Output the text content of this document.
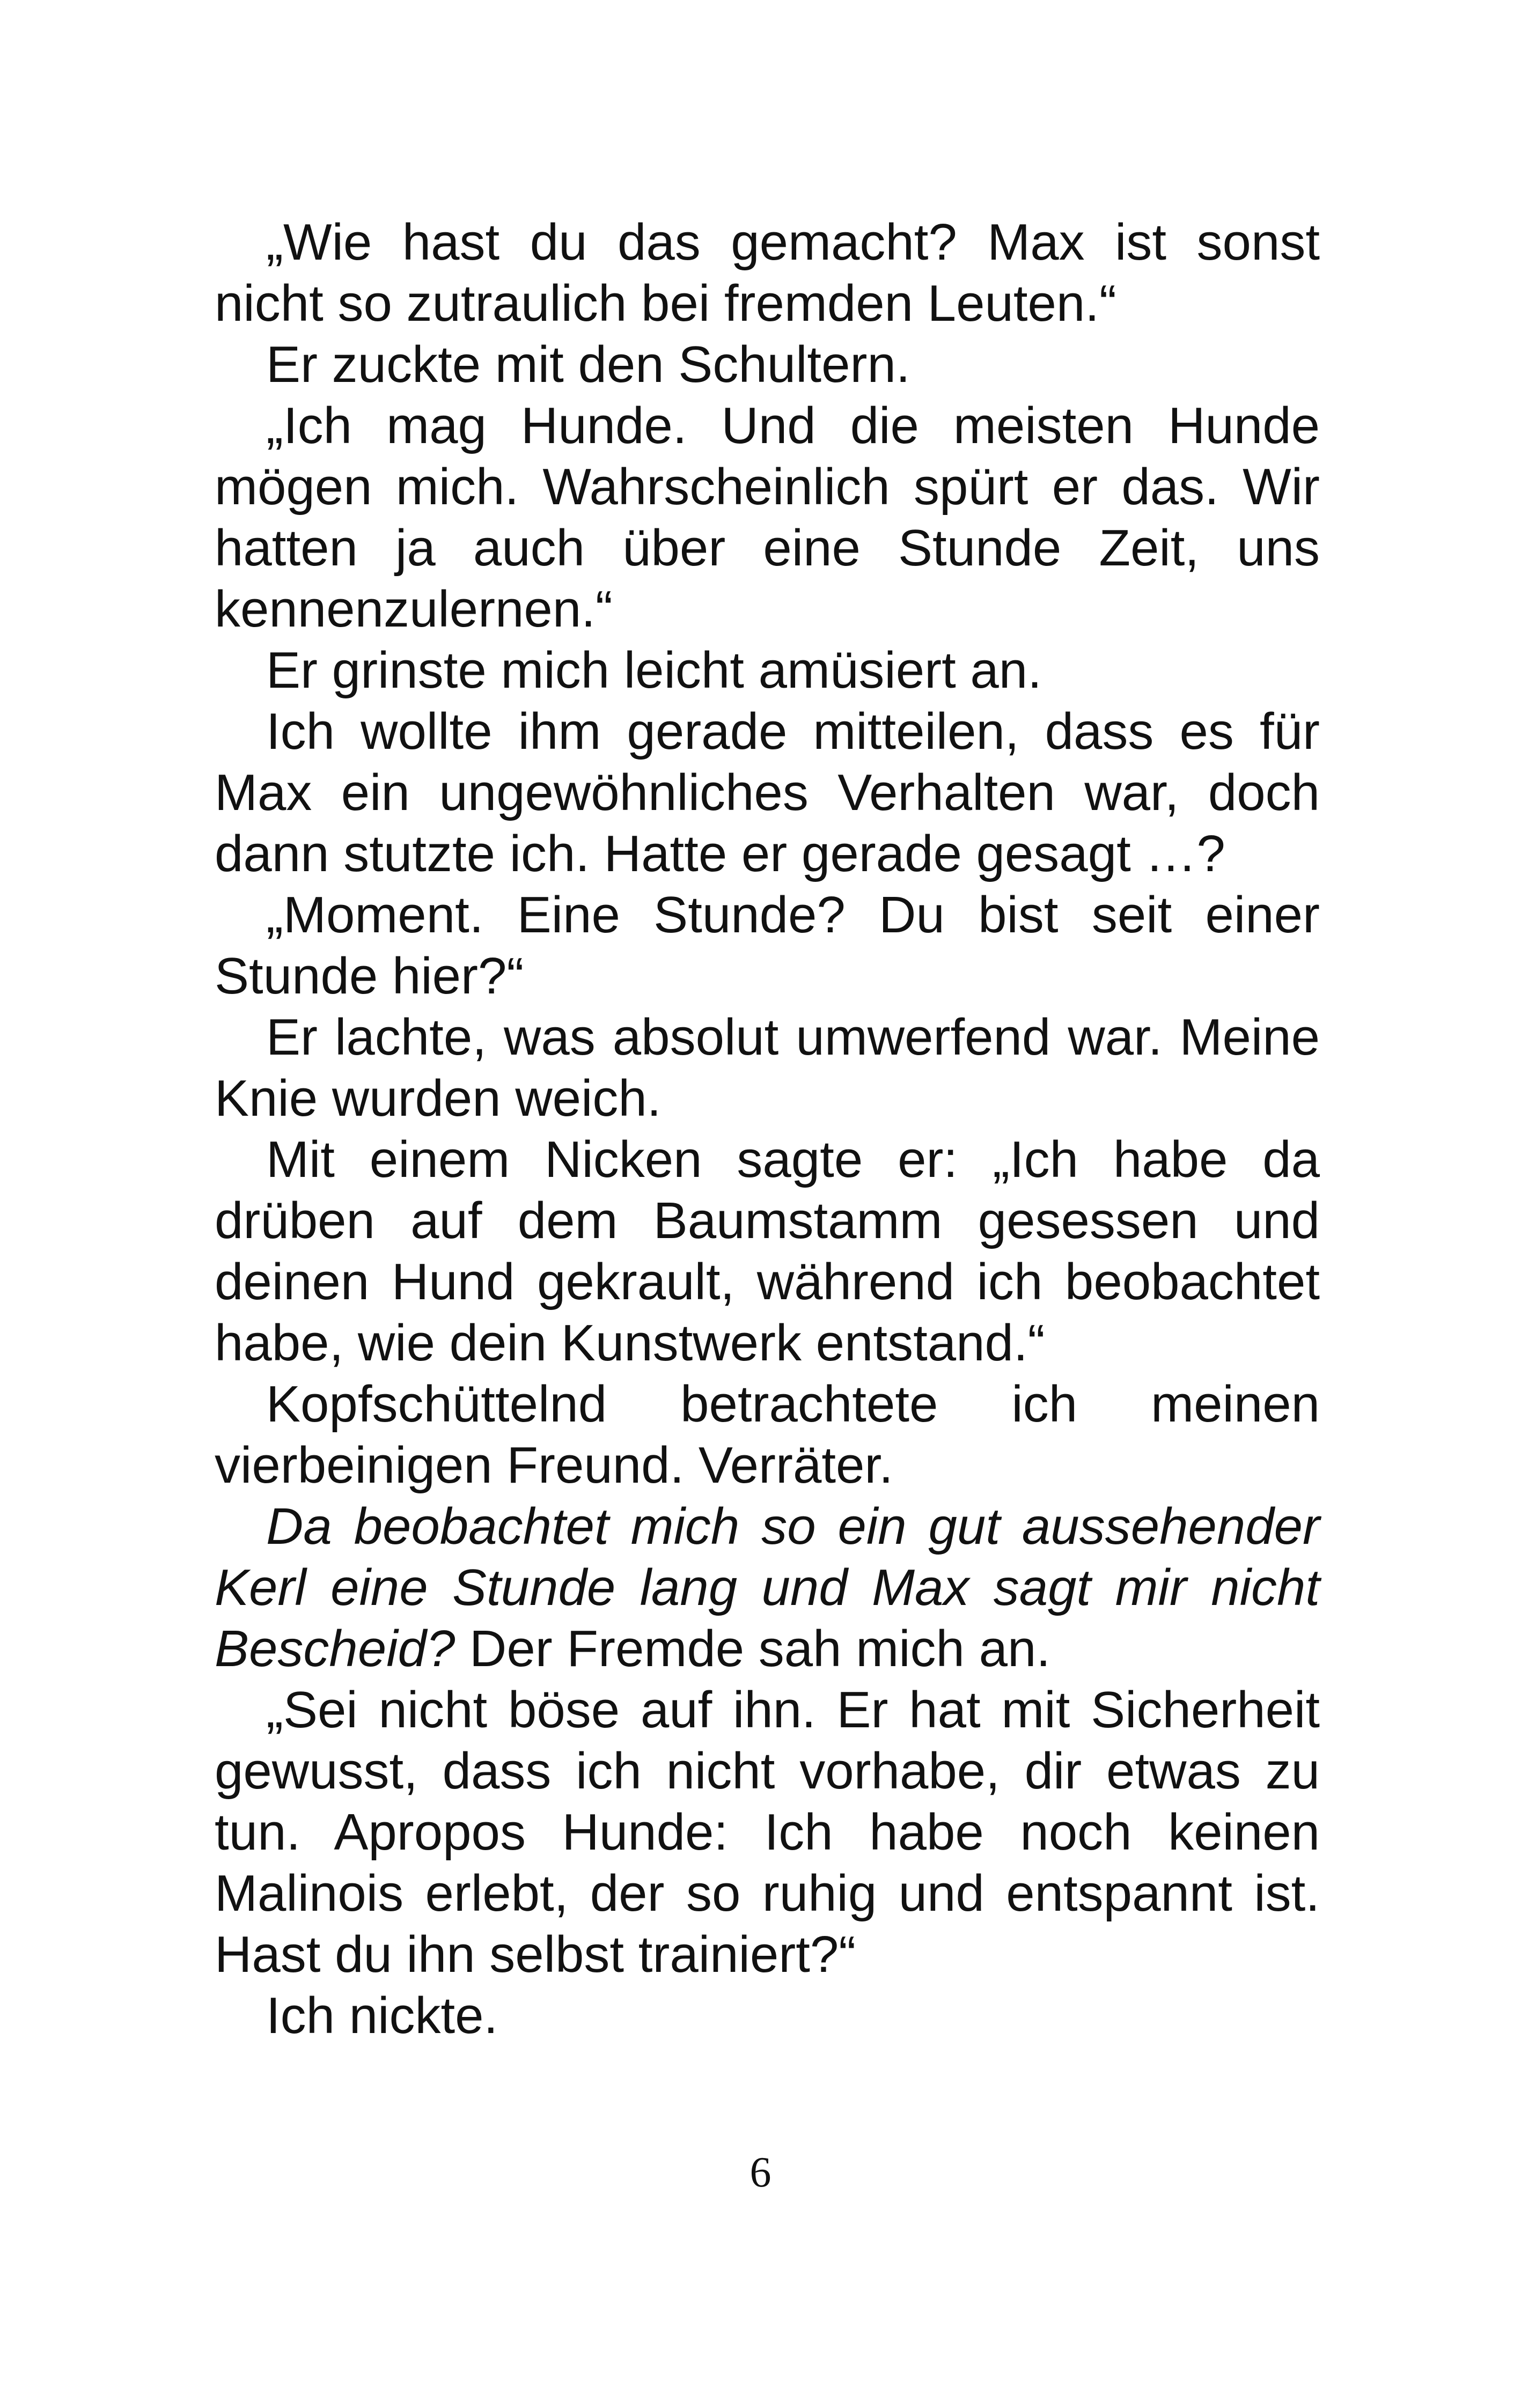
„Wie hast du das gemacht? Max ist sonst nicht so zutraulich bei fremden Leuten.“

Er zuckte mit den Schultern.

„Ich mag Hunde. Und die meisten Hunde mögen mich. Wahrscheinlich spürt er das. Wir hatten ja auch über eine Stunde Zeit, uns kennenzulernen.“

Er grinste mich leicht amüsiert an.

Ich wollte ihm gerade mitteilen, dass es für Max ein ungewöhnliches Verhalten war, doch dann stutzte ich. Hatte er gerade gesagt …?

„Moment. Eine Stunde? Du bist seit einer Stunde hier?“

Er lachte, was absolut umwerfend war. Meine Knie wurden weich.

Mit einem Nicken sagte er: „Ich habe da drüben auf dem Baumstamm gesessen und deinen Hund gekrault, während ich beobachtet habe, wie dein Kunstwerk entstand.“

Kopfschüttelnd betrachtete ich meinen vierbeinigen Freund. Verräter.

Da beobachtet mich so ein gut aussehender Kerl eine Stunde lang und Max sagt mir nicht Bescheid? Der Fremde sah mich an.

„Sei nicht böse auf ihn. Er hat mit Sicherheit gewusst, dass ich nicht vorhabe, dir etwas zu tun. Apropos Hunde: Ich habe noch keinen Malinois erlebt, der so ruhig und entspannt ist. Hast du ihn selbst trainiert?“

Ich nickte.

6
